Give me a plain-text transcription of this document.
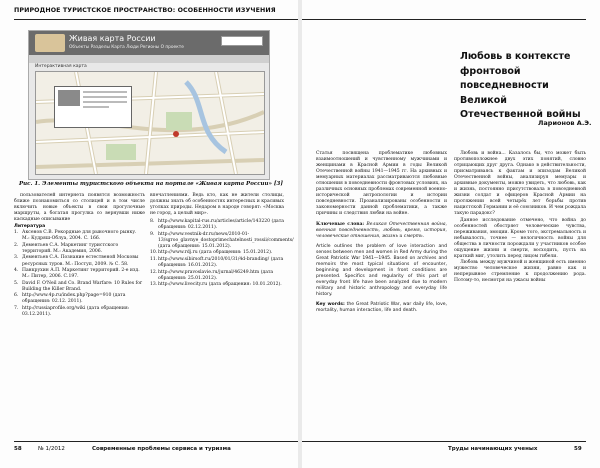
ПРИРОДНОЕ ТУРИСТСКОЕ ПРОСТРАНСТВО: ОСОБЕННОСТИ ИЗУЧЕНИЯ
Живая карта России
Объекты Разделы Карта Люди Регионы О проекте
Интерактивная карта
Рис. 1. Элементы туристского объекта на портале «Живая карта России» [3]

пользователей интернета появятся возможность ближе познакомиться со столицей и в том числе включить новые объекты в свои прогулочные маршруты, а богатая прогулка со вернувши ниже каскадные описывание

Литература
1. Аксенов С.В. Рекордные для рыночного рынку. М.: Кудряш-Облуа, 2004. С. 166.
2. Дементьев С.А. Маркетинг туристского территорий. М.: Академия, 2006.
3. Дементьев С.А. Познание естественой Московы ресурсных туров. М.: Поступ, 2009. № С. 58.
4. Панкрухин А.П. Маркетинг территорий. 2-е изд. М.: Питер, 2006. С.197.
5. David F. O'Neil and Co. Brand Warfare: 10 Rules for Building the Killer Brand.
6. http://www.4p.ru/index.php?page=910 (дата обращения: 02.12. 2011).
7. http://russiaprofile.org/wiki (дата обращения: 03.12.2011).

впечатлениями. Ведь кто, как не жители столицы, должны знать об особенностях интересных и красивых уголках природы. Недаром в народе говорят: «Москва не город, а целый мир».

8. http://www.kapital-rus.ru/articles/article/143220 (дата обращения: 02.12.2011).
9. http://www.vestnik-dr.ru/news/2010-01-13/sgroo_glavnye_dostoprimechatelnosti_rossii/comments/ (дата обращения: 15.01.2012).
10. http://www.rdj.ru (дата обращения: 15.01.2012).
11. http://www.sibirsoft.ru/2010/01/31/4d-branding/ (дата обращения: 16.01.2012).
12. http://www.pravoslavie.ru/jurnal/46249.htm (дата обращения: 25.01.2012).
13. http://www.livecity.ru (дата обращения: 10.01.2012).
58	№ 1/2012	Современные проблемы сервиса и туризма
Любовь в контексте фронтовой повседневности Великой Отечественной войны
Ларионов А.Э.

Статья посвящена проблематике любовных взаимоотношений и чувственному мужчинами и женщинами в Красной Армии в годы Великой Отечественной войны 1941—1945 гг. На архивных и мемуарных материалах рассматриваются любовные отношения в повседневности фронтовых условиях, на различных основных проблемах современной военно-исторической антропологии и истории повседневности. Проанализированы особенности и закономерности данной проблематики, а также причины и следствия любви на войне.

Ключевые слова: Великая Отечественная война, военная повседневность, любовь, время, история, человеческие отношения, жизнь и смерть.

Article outlines the problem of love interaction and senses between men and women in Red Army during the Great Patriotic War 1941—1945. Based on archives and memoirs the most typical situations of encounter, beginning and development in front conditions are presented. Specifics and regularity of this part of everyday front life have been analyzed due to modern military and historic anthropology and everyday life history.

Key words: the Great Patriotic War, war daily life, love, mortality, human interaction, life and death.

Любовь и война... Казалось бы, что может быть противоположнее двух этих понятий, словно отрицающих друг друга. Однако в действительности, присматриваясь к фактам и эпизодам Великой Отечественной войны, анализируя мемуары и архивные документы, можно увидеть, что любовь, как и жизнь, постоянно присутствовала в повседневной жизни солдат и офицеров Красной Армии на протяжении всей четырёх лет борьбы против нацистской Германии и её союзников. И чем рождала такую парадокс?

Данное исследование отмечено, что война до особенностей обостряет человеческие чувства, переживания, эмоции. Кроме того, экстремальность и небывалость, точнее — нелогичность войны для общества в личности порождали у участников особое ощущение жизни и смерти, восходить, пусть на краткий миг, утолить перед лицом гибели.

Любовь между мужчиной и женщиной есть именно мужество человеческое жизни, равно как и непрерывное стремление к продолжению рода. Потому-то, несмотря на ужасы войны

Труды начинающих ученых	59
